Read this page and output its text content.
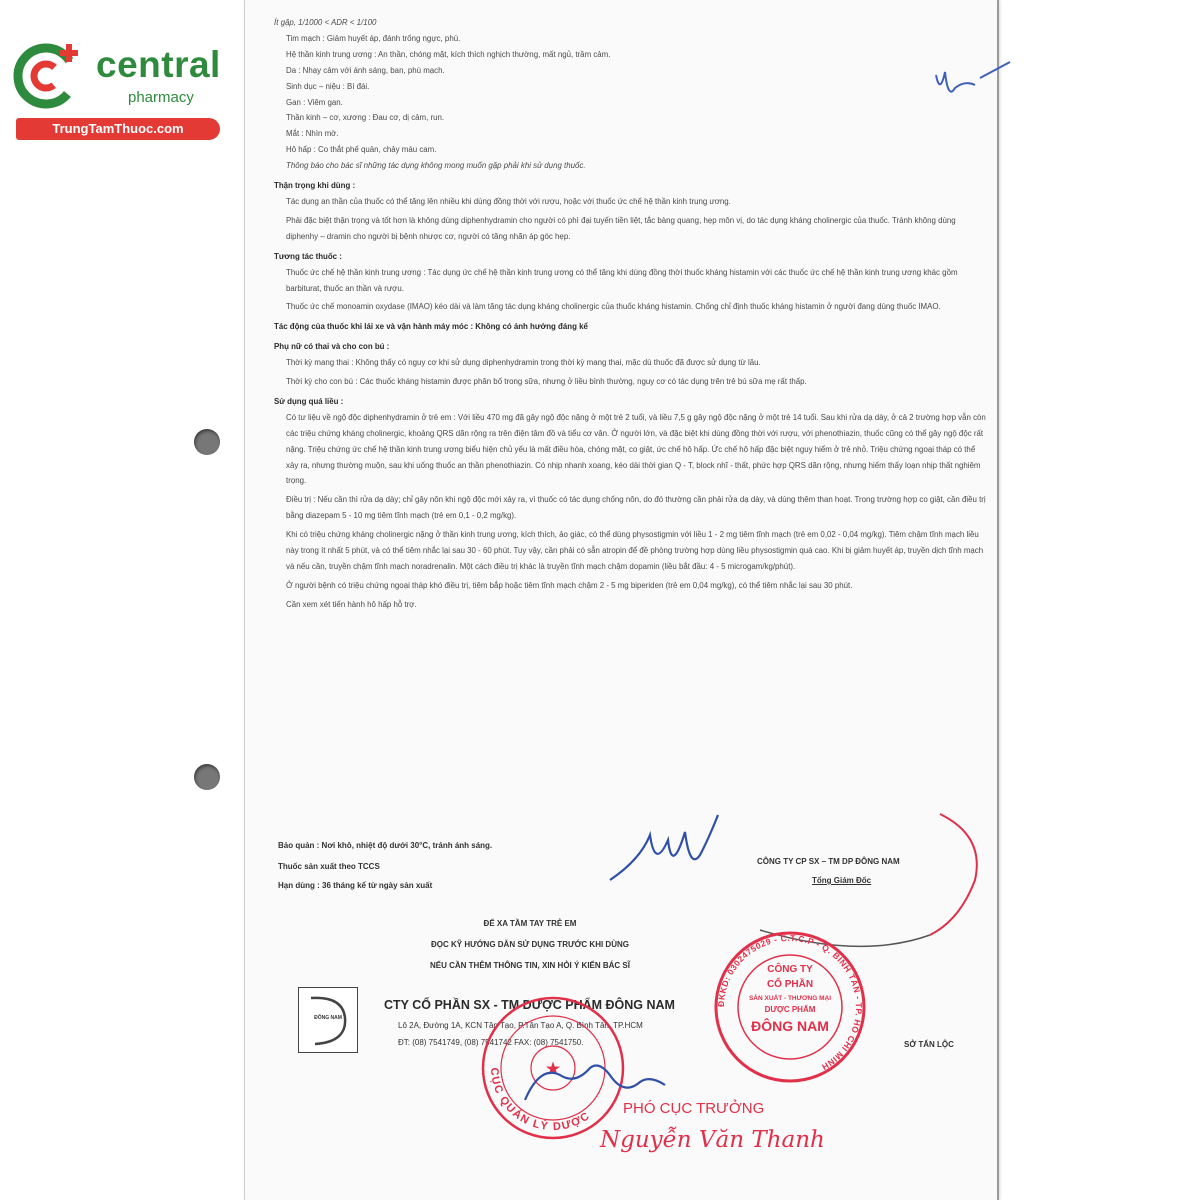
central
pharmacy
TrungTamThuoc.com

Ít gặp, 1/1000 < ADR < 1/100

Tim mạch : Giảm huyết áp, đánh trống ngực, phù.

Hệ thần kinh trung ương : An thần, chóng mặt, kích thích nghịch thường, mất ngủ, trầm cảm.

Da : Nhạy cảm với ánh sáng, ban, phù mạch.

Sinh dục – niệu : Bí đái.

Gan : Viêm gan.

Thần kinh – cơ, xương : Đau cơ, dị cảm, run.

Mắt : Nhìn mờ.

Hô hấp : Co thắt phế quản, chảy máu cam.

Thông báo cho bác sĩ những tác dụng không mong muốn gặp phải khi sử dụng thuốc.

Thận trọng khi dùng :

Tác dụng an thần của thuốc có thể tăng lên nhiều khi dùng đồng thời với rượu, hoặc với thuốc ức chế hệ thần kinh trung ương.

Phải đặc biệt thận trọng và tốt hơn là không dùng diphenhydramin cho người có phì đại tuyến tiền liệt, tắc bàng quang, hẹp môn vị, do tác dụng kháng cholinergic của thuốc. Tránh không dùng diphenhy – dramin cho người bị bệnh nhược cơ, người có tăng nhãn áp góc hẹp.

Tương tác thuốc :

Thuốc ức chế hệ thần kinh trung ương : Tác dụng ức chế hệ thần kinh trung ương có thể tăng khi dùng đồng thời thuốc kháng histamin với các thuốc ức chế hệ thần kinh trung ương khác gồm barbiturat, thuốc an thần và rượu.

Thuốc ức chế monoamin oxydase (IMAO) kéo dài và làm tăng tác dụng kháng cholinergic của thuốc kháng histamin. Chống chỉ định thuốc kháng histamin ở người đang dùng thuốc IMAO.

Tác động của thuốc khi lái xe và vận hành máy móc : Không có ảnh hưởng đáng kể

Phụ nữ có thai và cho con bú :

Thời kỳ mang thai : Không thấy có nguy cơ khi sử dụng diphenhydramin trong thời kỳ mang thai, mặc dù thuốc đã được sử dụng từ lâu.

Thời kỳ cho con bú : Các thuốc kháng histamin được phân bố trong sữa, nhưng ở liều bình thường, nguy cơ có tác dụng trên trẻ bú sữa mẹ rất thấp.

Sử dụng quá liều :

Có tư liệu về ngộ độc diphenhydramin ở trẻ em : Với liều 470 mg đã gây ngộ độc nặng ở một trẻ 2 tuổi, và liều 7,5 g gây ngộ độc nặng ở một trẻ 14 tuổi. Sau khi rửa dạ dày, ở cả 2 trường hợp vẫn còn các triệu chứng kháng cholinergic, khoảng QRS dãn rộng ra trên điện tâm đồ và tiểu cơ vân. Ở người lớn, và đặc biệt khi dùng đồng thời với rượu, với phenothiazin, thuốc cũng có thể gây ngộ độc rất nặng. Triệu chứng ức chế hệ thần kinh trung ương biểu hiện chủ yếu là mất điều hòa, chóng mặt, co giật, ức chế hô hấp. Ức chế hô hấp đặc biệt nguy hiểm ở trẻ nhỏ. Triệu chứng ngoại tháp có thể xảy ra, nhưng thường muộn, sau khi uống thuốc an thần phenothiazin. Có nhịp nhanh xoang, kéo dài thời gian Q - T, block nhĩ - thất, phức hợp QRS dãn rộng, nhưng hiếm thấy loạn nhịp thất nghiêm trọng.

Điều trị : Nếu cần thì rửa dạ dày; chỉ gây nôn khi ngộ độc mới xảy ra, vì thuốc có tác dụng chống nôn, do đó thường cần phải rửa dạ dày, và dùng thêm than hoạt. Trong trường hợp co giật, cần điều trị bằng diazepam 5 - 10 mg tiêm tĩnh mạch (trẻ em 0,1 - 0,2 mg/kg).

Khi có triệu chứng kháng cholinergic nặng ở thần kinh trung ương, kích thích, ảo giác, có thể dùng physostigmin với liều 1 - 2 mg tiêm tĩnh mạch (trẻ em 0,02 - 0,04 mg/kg). Tiêm chậm tĩnh mạch liều này trong ít nhất 5 phút, và có thể tiêm nhắc lại sau 30 - 60 phút. Tuy vậy, cần phải có sẵn atropin để đề phòng trường hợp dùng liều physostigmin quá cao. Khi bị giảm huyết áp, truyền dịch tĩnh mạch và nếu cần, truyền chậm tĩnh mạch noradrenalin. Một cách điều trị khác là truyền tĩnh mạch chậm dopamin (liều bắt đầu: 4 - 5 microgam/kg/phút).

Ở người bệnh có triệu chứng ngoại tháp khó điều trị, tiêm bắp hoặc tiêm tĩnh mạch chậm 2 - 5 mg biperiden (trẻ em 0,04 mg/kg), có thể tiêm nhắc lại sau 30 phút.

Cần xem xét tiến hành hô hấp hỗ trợ.

Bảo quản : Nơi khô, nhiệt độ dưới 30°C, tránh ánh sáng.
Thuốc sản xuất theo TCCS
Hạn dùng : 36 tháng kể từ ngày sản xuất
CÔNG TY CP SX – TM DP ĐÔNG NAM
Tổng Giám Đốc
ĐỂ XA TẦM TAY TRẺ EM
ĐỌC KỸ HƯỚNG DẪN SỬ DỤNG TRƯỚC KHI DÙNG
NẾU CẦN THÊM THÔNG TIN, XIN HỎI Ý KIẾN BÁC SĨ
ĐÔNG NAM
CTY CỔ PHẦN SX - TM DƯỢC PHẨM ĐÔNG NAM
Lô 2A, Đường 1A, KCN Tân Tạo, P.Tân Tạo A, Q. Bình Tân, TP.HCM
ĐT: (08) 7541749, (08) 7541742 FAX: (08) 7541750.	SỞ TẤN LỘC
ĐKKD: 0302475029 - C.T.C.P - Q. BÌNH TÂN - TP. HỒ CHÍ MINH
CÔNG TY
CỔ PHẦN
SẢN XUẤT - THƯƠNG MẠI
DƯỢC PHẨM
ĐÔNG NAM
CỤC QUẢN LÝ DƯỢC
★
PHÓ CỤC TRƯỞNG
Nguyễn Văn Thanh
